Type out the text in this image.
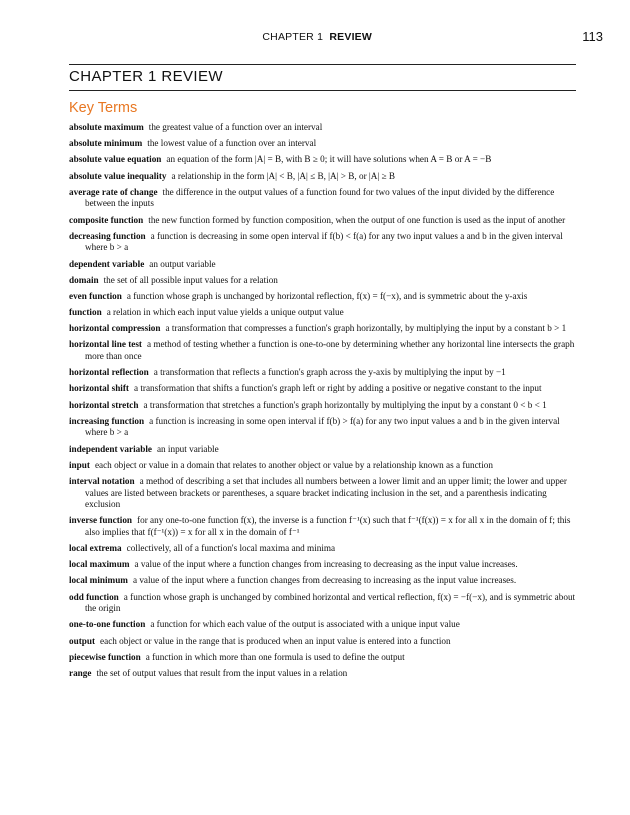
CHAPTER 1 REVIEW	113
CHAPTER 1 REVIEW
Key Terms

absolute maximum the greatest value of a function over an interval

absolute minimum the lowest value of a function over an interval

absolute value equation an equation of the form |A| = B, with B ≥ 0; it will have solutions when A = B or A = −B

absolute value inequality a relationship in the form |A| < B, |A| ≤ B, |A| > B, or |A| ≥ B

average rate of change the difference in the output values of a function found for two values of the input divided by the difference between the inputs

composite function the new function formed by function composition, when the output of one function is used as the input of another

decreasing function a function is decreasing in some open interval if f(b) < f(a) for any two input values a and b in the given interval where b > a

dependent variable an output variable

domain the set of all possible input values for a relation

even function a function whose graph is unchanged by horizontal reflection, f(x) = f(−x), and is symmetric about the y-axis

function a relation in which each input value yields a unique output value

horizontal compression a transformation that compresses a function's graph horizontally, by multiplying the input by a constant b > 1

horizontal line test a method of testing whether a function is one-to-one by determining whether any horizontal line intersects the graph more than once

horizontal reflection a transformation that reflects a function's graph across the y-axis by multiplying the input by −1

horizontal shift a transformation that shifts a function's graph left or right by adding a positive or negative constant to the input

horizontal stretch a transformation that stretches a function's graph horizontally by multiplying the input by a constant 0 < b < 1

increasing function a function is increasing in some open interval if f(b) > f(a) for any two input values a and b in the given interval where b > a

independent variable an input variable

input each object or value in a domain that relates to another object or value by a relationship known as a function

interval notation a method of describing a set that includes all numbers between a lower limit and an upper limit; the lower and upper values are listed between brackets or parentheses, a square bracket indicating inclusion in the set, and a parenthesis indicating exclusion

inverse function for any one-to-one function f(x), the inverse is a function f⁻¹(x) such that f⁻¹(f(x)) = x for all x in the domain of f; this also implies that f(f⁻¹(x)) = x for all x in the domain of f⁻¹

local extrema collectively, all of a function's local maxima and minima

local maximum a value of the input where a function changes from increasing to decreasing as the input value increases.

local minimum a value of the input where a function changes from decreasing to increasing as the input value increases.

odd function a function whose graph is unchanged by combined horizontal and vertical reflection, f(x) = −f(−x), and is symmetric about the origin

one-to-one function a function for which each value of the output is associated with a unique input value

output each object or value in the range that is produced when an input value is entered into a function

piecewise function a function in which more than one formula is used to define the output

range the set of output values that result from the input values in a relation
